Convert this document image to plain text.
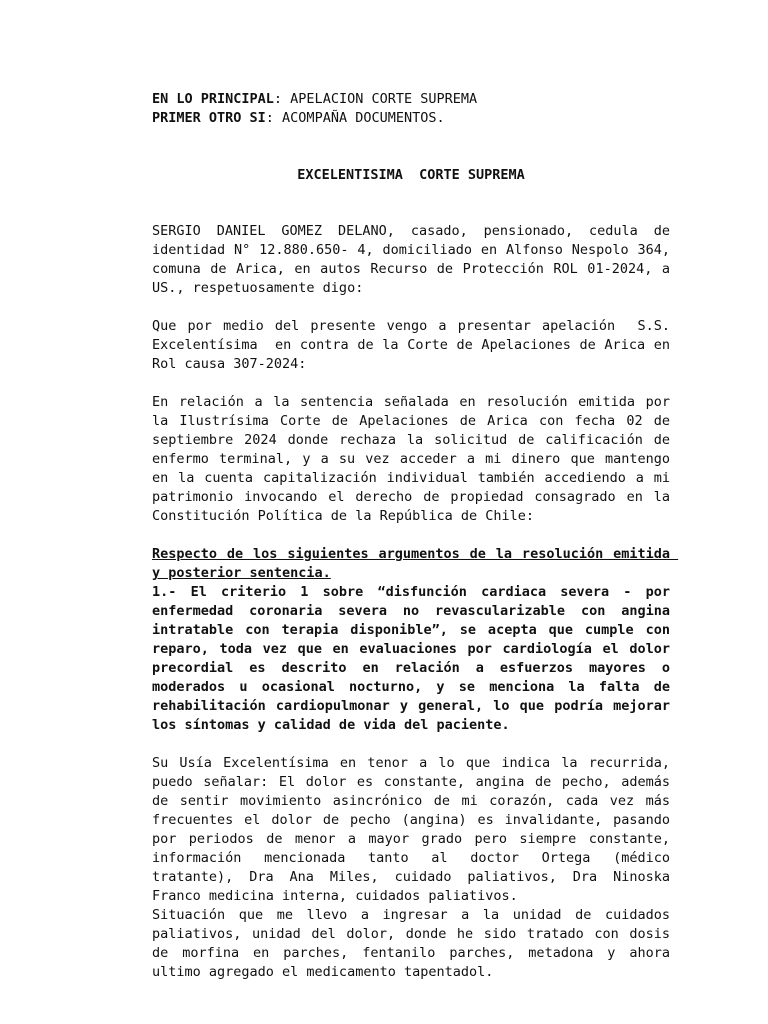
EN LO PRINCIPAL: APELACION CORTE SUPREMA
PRIMER OTRO SI: ACOMPAÑA DOCUMENTOS.
EXCELENTISIMA  CORTE SUPREMA
SERGIO DANIEL GOMEZ DELANO, casado, pensionado, cedula de identidad N° 12.880.650- 4, domiciliado en Alfonso Nespolo 364, comuna de Arica, en autos Recurso de Protección ROL 01-2024, a US., respetuosamente digo:
Que por medio del presente vengo a presentar apelación  S.S. Excelentísima  en contra de la Corte de Apelaciones de Arica en Rol causa 307-2024:
En relación a la sentencia señalada en resolución emitida por la Ilustrísima Corte de Apelaciones de Arica con fecha 02 de septiembre 2024 donde rechaza la solicitud de calificación de enfermo terminal, y a su vez acceder a mi dinero que mantengo en la cuenta capitalización individual también accediendo a mi patrimonio invocando el derecho de propiedad consagrado en la Constitución Política de la República de Chile:
Respecto de los siguientes argumentos de la resolución emitida y posterior sentencia.
1.- El criterio 1 sobre “disfunción cardiaca severa - por enfermedad coronaria severa no revascularizable con angina intratable con terapia disponible”, se acepta que cumple con reparo, toda vez que en evaluaciones por cardiología el dolor precordial es descrito en relación a esfuerzos mayores o moderados u ocasional nocturno, y se menciona la falta de rehabilitación cardiopulmonar y general, lo que podría mejorar los síntomas y calidad de vida del paciente.
Su Usía Excelentísima en tenor a lo que indica la recurrida, puedo señalar: El dolor es constante, angina de pecho, además de sentir movimiento asincrónico de mi corazón, cada vez más frecuentes el dolor de pecho (angina) es invalidante, pasando por periodos de menor a mayor grado pero siempre constante, información mencionada tanto al doctor Ortega (médico tratante), Dra Ana Miles, cuidado paliativos, Dra Ninoska Franco medicina interna, cuidados paliativos.
Situación que me llevo a ingresar a la unidad de cuidados paliativos, unidad del dolor, donde he sido tratado con dosis de morfina en parches, fentanilo parches, metadona y ahora ultimo agregado el medicamento tapentadol.
